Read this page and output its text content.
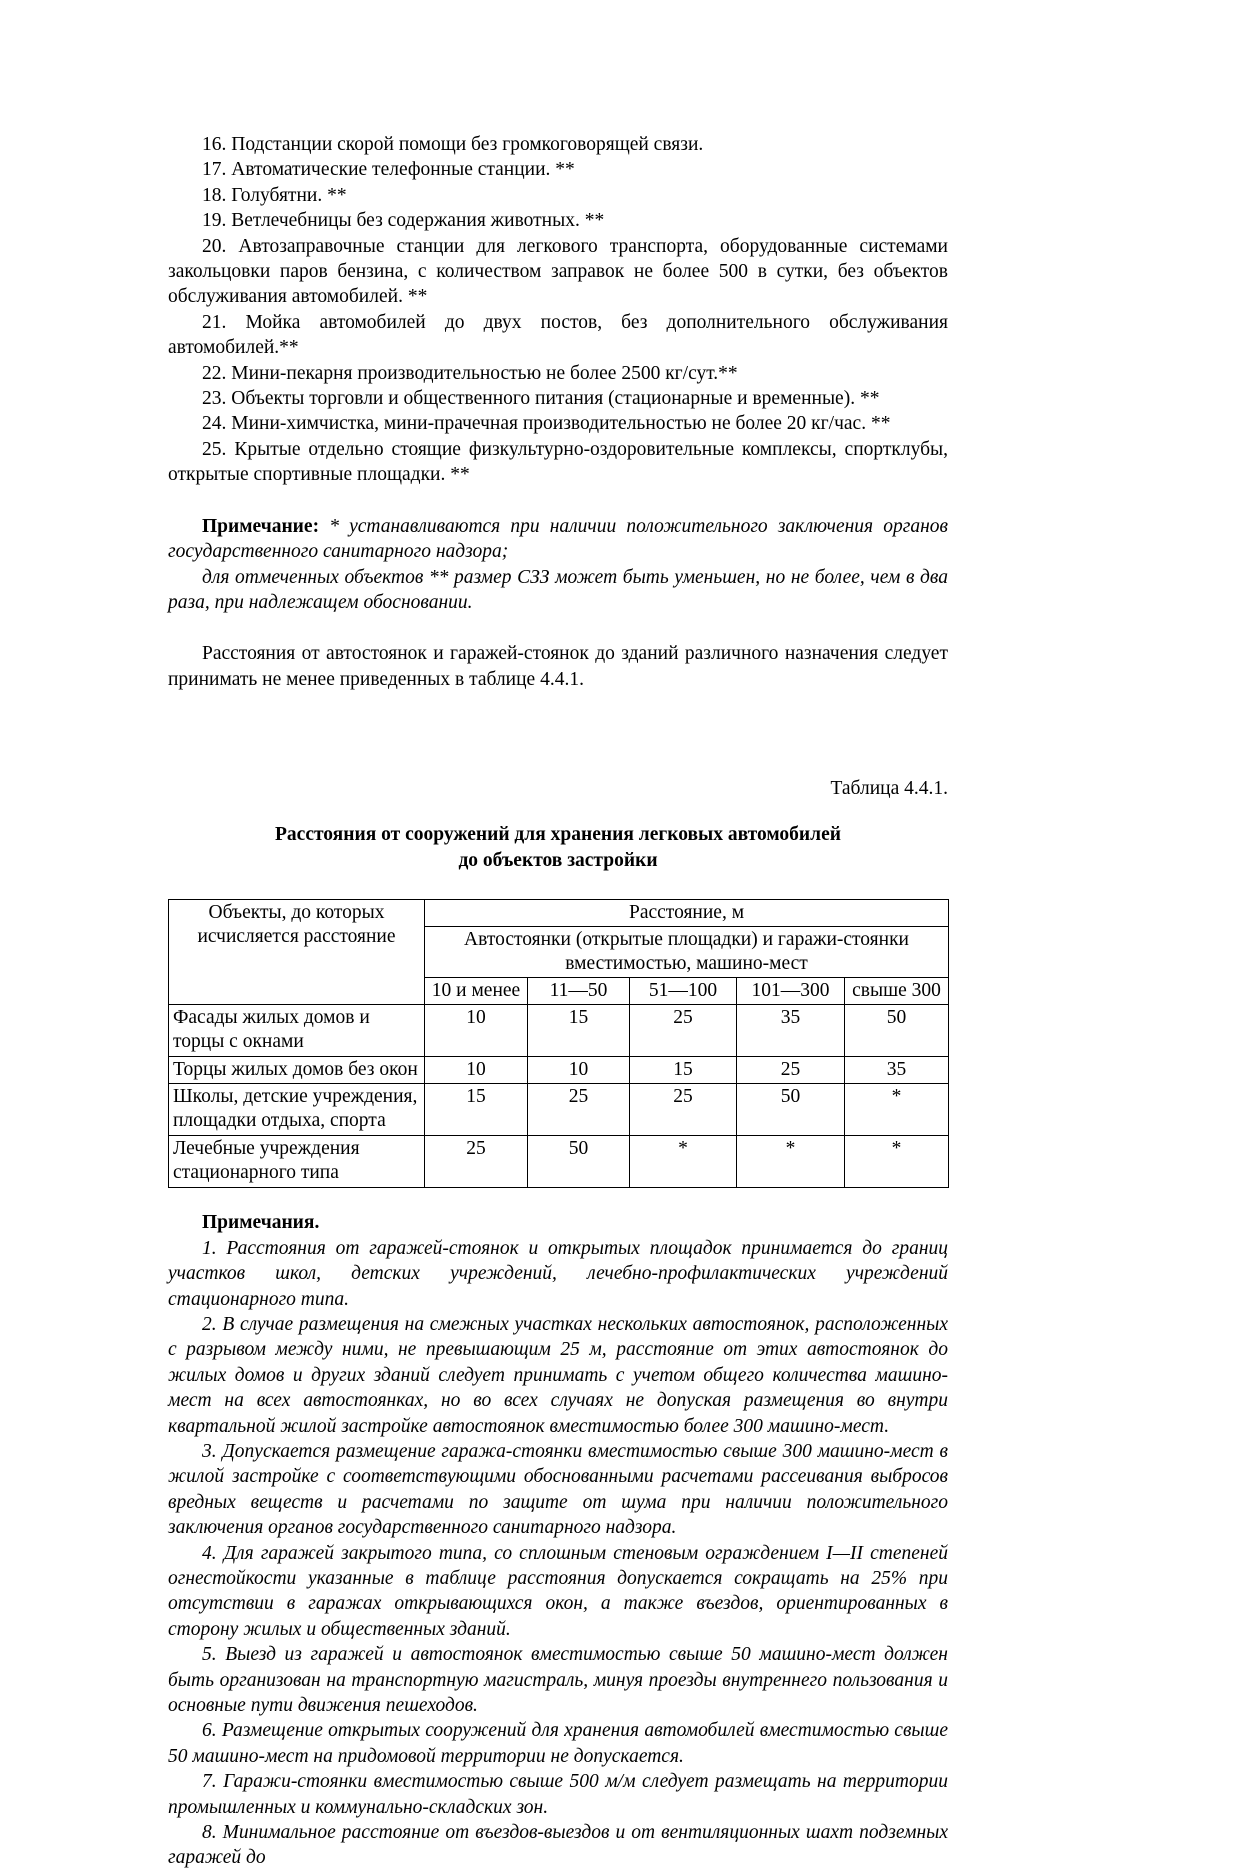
16. Подстанции скорой помощи без громкоговорящей связи.

17. Автоматические телефонные станции. **

18. Голубятни. **

19. Ветлечебницы без содержания животных. **

20. Автозаправочные станции для легкового транспорта, оборудованные системами закольцовки паров бензина, с количеством заправок не более 500 в сутки, без объектов обслуживания автомобилей. **

21. Мойка автомобилей до двух постов, без дополнительного обслуживания автомобилей.**

22. Мини-пекарня производительностью не более 2500 кг/сут.**

23. Объекты торговли и общественного питания (стационарные и временные). **

24. Мини-химчистка, мини-прачечная производительностью не более 20 кг/час. **

25. Крытые отдельно стоящие физкультурно-оздоровительные комплексы, спортклубы, открытые спортивные площадки. **

Примечание: * устанавливаются при наличии положительного заключения органов государственного санитарного надзора;

для отмеченных объектов ** размер СЗЗ может быть уменьшен, но не более, чем в два раза, при надлежащем обосновании.

Расстояния от автостоянок и гаражей-стоянок до зданий различного назначения следует принимать не менее приведенных в таблице 4.4.1.

Таблица 4.4.1.

Расстояния от сооружений для хранения легковых автомобилей

до объектов застройки

Объекты, до которых исчисляется расстояние	Расстояние, м				
	Автостоянки (открытые площадки) и гаражи-стоянки вместимостью, машино-мест				
	10 и менее	11—50	51—100	101—300	свыше 300
Фасады жилых домов и торцы с окнами	10	15	25	35	50
Торцы жилых домов без окон	10	10	15	25	35
Школы, детские учреждения, площадки отдыха, спорта	15	25	25	50	*
Лечебные учреждения стационарного типа	25	50	*	*	*

Примечания.

1. Расстояния от гаражей-стоянок и открытых площадок принимается до границ участков школ, детских учреждений, лечебно-профилактических учреждений стационарного типа.

2. В случае размещения на смежных участках нескольких автостоянок, расположенных с разрывом между ними, не превышающим 25 м, расстояние от этих автостоянок до жилых домов и других зданий следует принимать с учетом общего количества машино-мест на всех автостоянках, но во всех случаях не допуская размещения во внутри квартальной жилой застройке автостоянок вместимостью более 300 машино-мест.

3. Допускается размещение гаража-стоянки вместимостью свыше 300 машино-мест в жилой застройке с соответствующими обоснованными расчетами рассеивания выбросов вредных веществ и расчетами по защите от шума при наличии положительного заключения органов государственного санитарного надзора.

4. Для гаражей закрытого типа, со сплошным стеновым ограждением I—II степеней огнестойкости указанные в таблице расстояния допускается сокращать на 25% при отсутствии в гаражах открывающихся окон, а также въездов, ориентированных в сторону жилых и общественных зданий.

5. Выезд из гаражей и автостоянок вместимостью свыше 50 машино-мест должен быть организован на транспортную магистраль, минуя проезды внутреннего пользования и основные пути движения пешеходов.

6. Размещение открытых сооружений для хранения автомобилей вместимостью свыше 50 машино-мест на придомовой территории не допускается.

7. Гаражи-стоянки вместимостью свыше 500 м/м следует размещать на территории промышленных и коммунально-складских зон.

8. Минимальное расстояние от въездов-выездов и от вентиляционных шахт подземных гаражей до
